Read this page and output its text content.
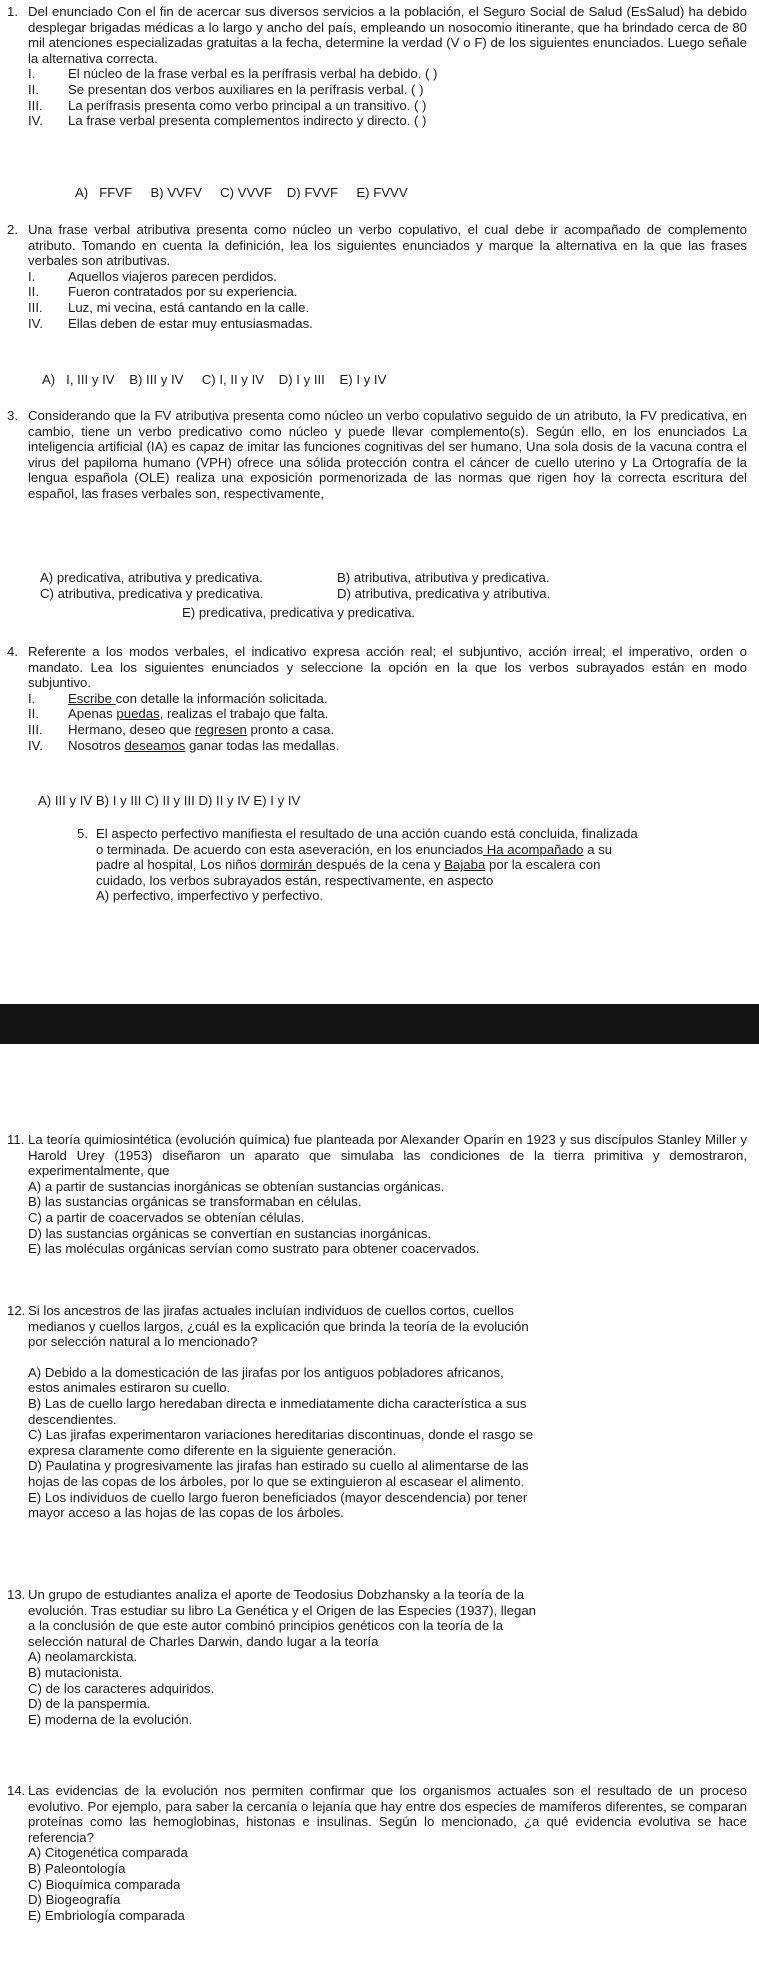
1. Del enunciado Con el fin de acercar sus diversos servicios a la población, el Seguro Social de Salud (EsSalud) ha debido desplegar brigadas médicas a lo largo y ancho del país, empleando un nosocomio itinerante, que ha brindado cerca de 80 mil atenciones especializadas gratuitas a la fecha, determine la verdad (V o F) de los siguientes enunciados. Luego señale la alternativa correcta.

I. El núcleo de la frase verbal es la perífrasis verbal ha debido. ( )
II. Se presentan dos verbos auxiliares en la perífrasis verbal. ( )
III. La perífrasis presenta como verbo principal a un transitivo. ( )
IV. La frase verbal presenta complementos indirecto y directo. ( )
A)   FFVF     B) VVFV     C) VVVF    D) FVVF     E) FVVV
2. Una frase verbal atributiva presenta como núcleo un verbo copulativo, el cual debe ir acompañado de complemento atributo. Tomando en cuenta la definición, lea los siguientes enunciados y marque la alternativa en la que las frases verbales son atributivas.

I. Aquellos viajeros parecen perdidos.
II. Fueron contratados por su experiencia.
III. Luz, mi vecina, está cantando en la calle.
IV. Ellas deben de estar muy entusiasmadas.
A)   I, III y IV    B) III y IV     C) I, II y IV    D) I y III    E) I y IV
3. Considerando que la FV atributiva presenta como núcleo un verbo copulativo seguido de un atributo, la FV predicativa, en cambio, tiene un verbo predicativo como núcleo y puede llevar complemento(s). Según ello, en los enunciados La inteligencia artificial (IA) es capaz de imitar las funciones cognitivas del ser humano, Una sola dosis de la vacuna contra el virus del papiloma humano (VPH) ofrece una sólida protección contra el cáncer de cuello uterino y La Ortografía de la lengua española (OLE) realiza una exposición pormenorizada de las normas que rigen hoy la correcta escritura del español, las frases verbales son, respectivamente,

A) predicativa, atributiva y predicativa.	B) atributiva, atributiva y predicativa.
C) atributiva, predicativa y predicativa.	D) atributiva, predicativa y atributiva.
E) predicativa, predicativa y predicativa.
4. Referente a los modos verbales, el indicativo expresa acción real; el subjuntivo, acción irreal; el imperativo, orden o mandato. Lea los siguientes enunciados y seleccione la opción en la que los verbos subrayados están en modo subjuntivo.

I. Escribe con detalle la información solicitada.
II. Apenas puedas, realizas el trabajo que falta.
III. Hermano, deseo que regresen pronto a casa.
IV. Nosotros deseamos ganar todas las medallas.
A) III y IV B) I y III C) II y III D) II y IV E) I y IV
5. El aspecto perfectivo manifiesta el resultado de una acción cuando está concluida, finalizada
o terminada. De acuerdo con esta aseveración, en los enunciados Ha acompañado a su
padre al hospital, Los niños dormirán después de la cena y Bajaba por la escalera con
cuidado, los verbos subrayados están, respectivamente, en aspecto
A) perfectivo, imperfectivo y perfectivo.
11. La teoría quimiosintética (evolución química) fue planteada por Alexander Oparín en 1923 y sus discípulos Stanley Miller y Harold Urey (1953) diseñaron un aparato que simulaba las condiciones de la tierra primitiva y demostraron, experimentalmente, que

A) a partir de sustancias inorgánicas se obtenían sustancias orgánicas.
B) las sustancias orgánicas se transformaban en células.
C) a partir de coacervados se obtenían células.
D) las sustancias orgánicas se convertían en sustancias inorgánicas.
E) las moléculas orgánicas servían como sustrato para obtener coacervados.
12. Si los ancestros de las jirafas actuales incluían individuos de cuellos cortos, cuellos
medianos y cuellos largos, ¿cuál es la explicación que brinda la teoría de la evolución
por selección natural a lo mencionado?
A) Debido a la domesticación de las jirafas por los antiguos pobladores africanos,
estos animales estiraron su cuello.
B) Las de cuello largo heredaban directa e inmediatamente dicha característica a sus
descendientes.
C) Las jirafas experimentaron variaciones hereditarias discontinuas, donde el rasgo se
expresa claramente como diferente en la siguiente generación.
D) Paulatina y progresivamente las jirafas han estirado su cuello al alimentarse de las
hojas de las copas de los árboles, por lo que se extinguieron al escasear el alimento.
E) Los individuos de cuello largo fueron beneficiados (mayor descendencia) por tener
mayor acceso a las hojas de las copas de los árboles.
13. Un grupo de estudiantes analiza el aporte de Teodosius Dobzhansky a la teoría de la
evolución. Tras estudiar su libro La Genética y el Origen de las Especies (1937), llegan
a la conclusión de que este autor combinó principios genéticos con la teoría de la
selección natural de Charles Darwin, dando lugar a la teoría
A) neolamarckista.
B) mutacionista.
C) de los caracteres adquiridos.
D) de la panspermia.
E) moderna de la evolución.
14. Las evidencias de la evolución nos permiten confirmar que los organismos actuales son el resultado de un proceso evolutivo. Por ejemplo, para saber la cercanía o lejanía que hay entre dos especies de mamíferos diferentes, se comparan proteínas como las hemoglobinas, histonas e insulinas. Según lo mencionado, ¿a qué evidencia evolutiva se hace referencia?

A) Citogenética comparada
B) Paleontología
C) Bioquímica comparada
D) Biogeografía
E) Embriología comparada
